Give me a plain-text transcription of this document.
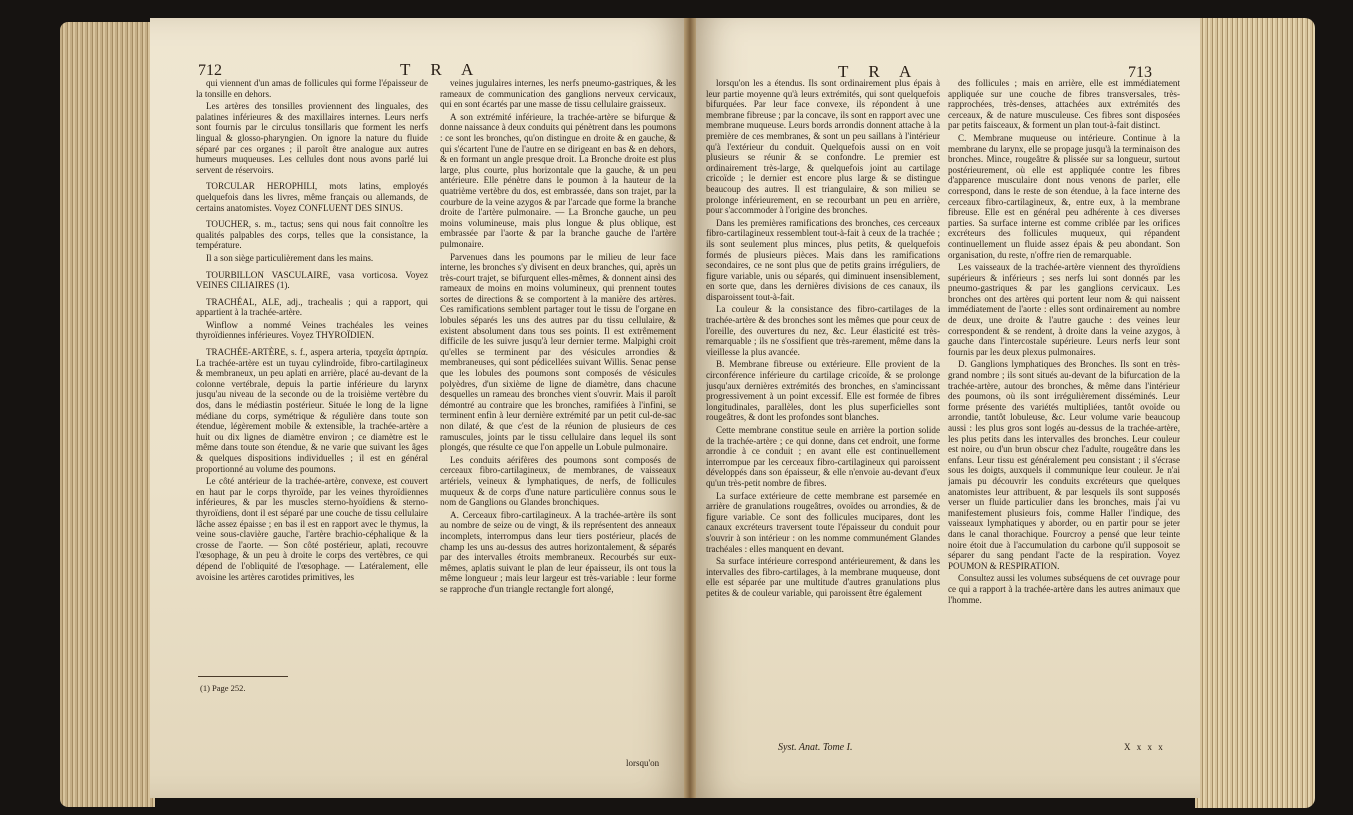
712	T R A	T R A	713

qui viennent d'un amas de follicules qui forme l'épaisseur de la tonsille en dehors.

Les artères des tonsilles proviennent des linguales, des palatines inférieures & des maxillaires internes. Leurs nerfs sont fournis par le circulus tonsillaris que forment les nerfs lingual & glosso-pharyngien. On ignore la nature du fluide séparé par ces organes ; il paroît être analogue aux autres humeurs muqueuses. Les cellules dont nous avons parlé lui servent de réservoirs.

TORCULAR HEROPHILI, mots latins, employés quelquefois dans les livres, même français ou allemands, de certains anatomistes. Voyez CONFLUENT DES SINUS.

TOUCHER, s. m., tactus; sens qui nous fait connoître les qualités palpables des corps, telles que la consistance, la température.

Il a son siège particulièrement dans les mains.

TOURBILLON VASCULAIRE, vasa vorticosa. Voyez VEINES CILIAIRES (1).

TRACHÉAL, ALE, adj., trachealis ; qui a rapport, qui appartient à la trachée-artère.

Winflow a nommé Veines trachéales les veines thyroïdiennes inférieures. Voyez THYROÏDIEN.

TRACHÉE-ARTÈRE, s. f., aspera arteria, τραχεῖα ἀρτηρία. La trachée-artère est un tuyau cylindroïde, fibro-cartilagineux & membraneux, un peu aplati en arrière, placé au-devant de la colonne vertébrale, depuis la partie inférieure du larynx jusqu'au niveau de la seconde ou de la troisième vertèbre du dos, dans le médiastin postérieur. Située le long de la ligne médiane du corps, symétrique & régulière dans toute son étendue, légèrement mobile & extensible, la trachée-artère a huit ou dix lignes de diamètre environ ; ce diamètre est le même dans toute son étendue, & ne varie que suivant les âges & quelques dispositions individuelles ; il est en général proportionné au volume des poumons.

Le côté antérieur de la trachée-artère, convexe, est couvert en haut par le corps thyroïde, par les veines thyroïdiennes inférieures, & par les muscles sterno-hyoïdiens & sterno-thyroïdiens, dont il est séparé par une couche de tissu cellulaire lâche assez épaisse ; en bas il est en rapport avec le thymus, la veine sous-clavière gauche, l'artère brachio-céphalique & la crosse de l'aorte. — Son côté postérieur, aplati, recouvre l'œsophage, & un peu à droite le corps des vertèbres, ce qui dépend de l'obliquité de l'œsophage. — Latéralement, elle avoisine les artères carotides primitives, les

veines jugulaires internes, les nerfs pneumo-gastriques, & les rameaux de communication des ganglions nerveux cervicaux, qui en sont écartés par une masse de tissu cellulaire graisseux.

A son extrémité inférieure, la trachée-artère se bifurque & donne naissance à deux conduits qui pénètrent dans les poumons : ce sont les bronches, qu'on distingue en droite & en gauche, & qui s'écartent l'une de l'autre en se dirigeant en bas & en dehors, & en formant un angle presque droit. La Bronche droite est plus large, plus courte, plus horizontale que la gauche, & un peu antérieure. Elle pénètre dans le poumon à la hauteur de la quatrième vertèbre du dos, est embrassée, dans son trajet, par la courbure de la veine azygos & par l'arcade que forme la branche droite de l'artère pulmonaire. — La Bronche gauche, un peu moins volumineuse, mais plus longue & plus oblique, est embrassée par l'aorte & par la branche gauche de l'artère pulmonaire.

Parvenues dans les poumons par le milieu de leur face interne, les bronches s'y divisent en deux branches, qui, après un très-court trajet, se bifurquent elles-mêmes, & donnent ainsi des rameaux de moins en moins volumineux, qui prennent toutes sortes de directions & se comportent à la manière des artères. Ces ramifications semblent partager tout le tissu de l'organe en lobules séparés les uns des autres par du tissu cellulaire, & existent absolument dans tous ses points. Il est extrêmement difficile de les suivre jusqu'à leur dernier terme. Malpighi croit qu'elles se terminent par des vésicules arrondies & membraneuses, qui sont pédicellées suivant Willis. Senac pense que les lobules des poumons sont composés de vésicules polyèdres, d'un sixième de ligne de diamètre, dans chacune desquelles un rameau des bronches vient s'ouvrir. Mais il paroît démontré au contraire que les bronches, ramifiées à l'infini, se terminent enfin à leur dernière extrémité par un petit cul-de-sac non dilaté, & que c'est de la réunion de plusieurs de ces ramuscules, joints par le tissu cellulaire dans lequel ils sont plongés, que résulte ce que l'on appelle un Lobule pulmonaire.

Les conduits aérifères des poumons sont composés de cerceaux fibro-cartilagineux, de membranes, de vaisseaux artériels, veineux & lymphatiques, de nerfs, de follicules muqueux & de corps d'une nature particulière connus sous le nom de Ganglions ou Glandes bronchiques.

A. Cerceaux fibro-cartilagineux. A la trachée-artère ils sont au nombre de seize ou de vingt, & ils représentent des anneaux incomplets, interrompus dans leur tiers postérieur, placés de champ les uns au-dessus des autres horizontalement, & séparés par des intervalles étroits membraneux. Recourbés sur eux-mêmes, aplatis suivant le plan de leur épaisseur, ils ont tous la même longueur ; mais leur largeur est très-variable : leur forme se rapproche d'un triangle rectangle fort alongé,

(1) Page 252.
lorsqu'on

lorsqu'on les a étendus. Ils sont ordinairement plus épais à leur partie moyenne qu'à leurs extrémités, qui sont quelquefois bifurquées. Par leur face convexe, ils répondent à une membrane fibreuse ; par la concave, ils sont en rapport avec une membrane muqueuse. Leurs bords arrondis donnent attache à la première de ces membranes, & sont un peu saillans à l'intérieur qu'à l'extérieur du conduit. Quelquefois aussi on en voit plusieurs se réunir & se confondre. Le premier est ordinairement très-large, & quelquefois joint au cartilage cricoïde ; le dernier est encore plus large & se distingue beaucoup des autres. Il est triangulaire, & son milieu se prolonge inférieurement, en se recourbant un peu en arrière, pour s'accommoder à l'origine des bronches.

Dans les premières ramifications des bronches, ces cerceaux fibro-cartilagineux ressemblent tout-à-fait à ceux de la trachée ; ils sont seulement plus minces, plus petits, & quelquefois formés de plusieurs pièces. Mais dans les ramifications secondaires, ce ne sont plus que de petits grains irréguliers, de figure variable, unis ou séparés, qui diminuent insensiblement, en sorte que, dans les dernières divisions de ces canaux, ils disparoissent tout-à-fait.

La couleur & la consistance des fibro-cartilages de la trachée-artère & des bronches sont les mêmes que pour ceux de l'oreille, des ouvertures du nez, &c. Leur élasticité est très-remarquable ; ils ne s'ossifient que très-rarement, même dans la vieillesse la plus avancée.

B. Membrane fibreuse ou extérieure. Elle provient de la circonférence inférieure du cartilage cricoïde, & se prolonge jusqu'aux dernières extrémités des bronches, en s'amincissant progressivement à un point excessif. Elle est formée de fibres longitudinales, parallèles, dont les plus superficielles sont rougeâtres, & dont les profondes sont blanches.

Cette membrane constitue seule en arrière la portion solide de la trachée-artère ; ce qui donne, dans cet endroit, une forme arrondie à ce conduit ; en avant elle est continuellement interrompue par les cerceaux fibro-cartilagineux qui paroissent développés dans son épaisseur, & elle n'envoie au-devant d'eux qu'un très-petit nombre de fibres.

La surface extérieure de cette membrane est parsemée en arrière de granulations rougeâtres, ovoïdes ou arrondies, & de figure variable. Ce sont des follicules mucipares, dont les canaux excréteurs traversent toute l'épaisseur du conduit pour s'ouvrir à son intérieur : on les nomme communément Glandes trachéales : elles manquent en devant.

Sa surface intérieure correspond antérieurement, & dans les intervalles des fibro-cartilages, à la membrane muqueuse, dont elle est séparée par une multitude d'autres granulations plus petites & de couleur variable, qui paroissent être également

des follicules ; mais en arrière, elle est immédiatement appliquée sur une couche de fibres transversales, très-rapprochées, très-denses, attachées aux extrémités des cerceaux, & de nature musculeuse. Ces fibres sont disposées par petits faisceaux, & forment un plan tout-à-fait distinct.

C. Membrane muqueuse ou intérieure. Continue à la membrane du larynx, elle se propage jusqu'à la terminaison des bronches. Mince, rougeâtre & plissée sur sa longueur, surtout postérieurement, où elle est appliquée contre les fibres d'apparence musculaire dont nous venons de parler, elle correspond, dans le reste de son étendue, à la face interne des cerceaux fibro-cartilagineux, &, entre eux, à la membrane fibreuse. Elle est en général peu adhérente à ces diverses parties. Sa surface interne est comme criblée par les orifices excréteurs des follicules muqueux, qui répandent continuellement un fluide assez épais & peu abondant. Son organisation, du reste, n'offre rien de remarquable.

Les vaisseaux de la trachée-artère viennent des thyroïdiens supérieurs & inférieurs ; ses nerfs lui sont donnés par les pneumo-gastriques & par les ganglions cervicaux. Les bronches ont des artères qui portent leur nom & qui naissent immédiatement de l'aorte : elles sont ordinairement au nombre de deux, une droite & l'autre gauche : des veines leur correspondent & se rendent, à droite dans la veine azygos, à gauche dans l'intercostale supérieure. Leurs nerfs leur sont fournis par les deux plexus pulmonaires.

D. Ganglions lymphatiques des Bronches. Ils sont en très-grand nombre ; ils sont situés au-devant de la bifurcation de la trachée-artère, autour des bronches, & même dans l'intérieur des poumons, où ils sont irrégulièrement disséminés. Leur forme présente des variétés multipliées, tantôt ovoïde ou arrondie, tantôt lobuleuse, &c. Leur volume varie beaucoup aussi : les plus gros sont logés au-dessus de la trachée-artère, les plus petits dans les intervalles des bronches. Leur couleur est noire, ou d'un brun obscur chez l'adulte, rougeâtre dans les enfans. Leur tissu est généralement peu consistant ; il s'écrase sous les doigts, auxquels il communique leur couleur. Je n'ai jamais pu découvrir les conduits excréteurs que quelques anatomistes leur attribuent, & par lesquels ils sont supposés verser un fluide particulier dans les bronches, mais j'ai vu manifestement plusieurs fois, comme Haller l'indique, des vaisseaux lymphatiques y aborder, ou en partir pour se jeter dans le canal thorachique. Fourcroy a pensé que leur teinte noire étoit due à l'accumulation du carbone qu'il supposoit se séparer du sang pendant l'acte de la respiration. Voyez POUMON & RESPIRATION.

Consultez aussi les volumes subséquens de cet ouvrage pour ce qui a rapport à la trachée-artère dans les autres animaux que l'homme.

Syst. Anat. Tome I.	X x x x
